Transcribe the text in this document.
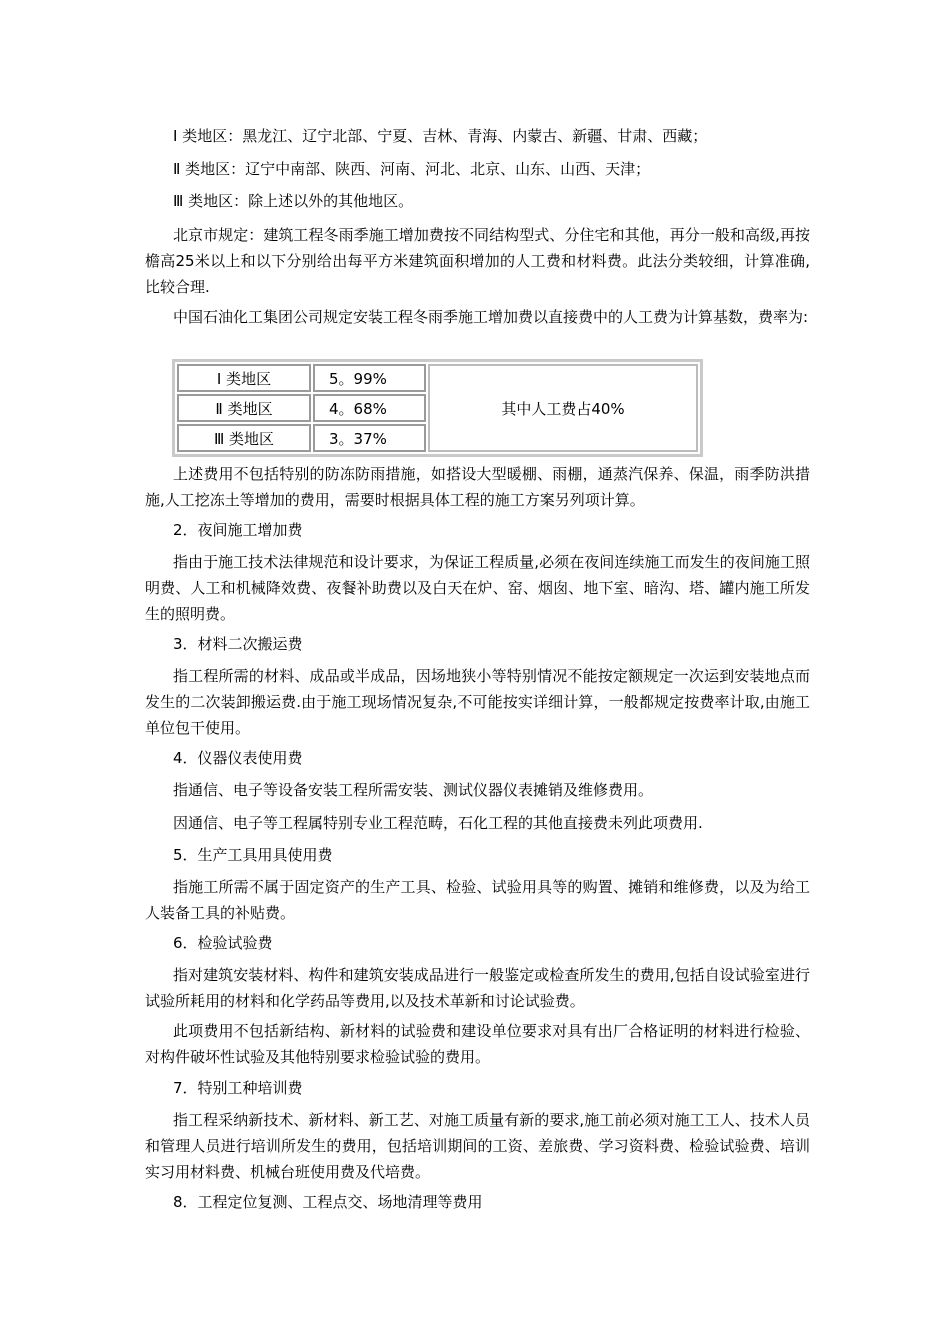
Ⅰ 类地区：黑龙江、辽宁北部、宁夏、吉林、青海、内蒙古、新疆、甘肃、西藏；

Ⅱ 类地区：辽宁中南部、陕西、河南、河北、北京、山东、山西、天津；

Ⅲ 类地区：除上述以外的其他地区。

北京市规定：建筑工程冬雨季施工增加费按不同结构型式、分住宅和其他，再分一般和高级,再按檐高25米以上和以下分别给出每平方米建筑面积增加的人工费和材料费。此法分类较细，计算准确,比较合理.

中国石油化工集团公司规定安装工程冬雨季施工增加费以直接费中的人工费为计算基数，费率为:

Ⅰ 类地区	5。99%	其中人工费占40%
Ⅱ 类地区	4。68%	
Ⅲ 类地区	3。37%	

上述费用不包括特别的防冻防雨措施，如搭设大型暖棚、雨棚，通蒸汽保养、保温，雨季防洪措施,人工挖冻土等增加的费用，需要时根据具体工程的施工方案另列项计算。

2．夜间施工增加费

指由于施工技术法律规范和设计要求，为保证工程质量,必须在夜间连续施工而发生的夜间施工照明费、人工和机械降效费、夜餐补助费以及白天在炉、窑、烟囱、地下室、暗沟、塔、罐内施工所发生的照明费。

3．材料二次搬运费

指工程所需的材料、成品或半成品，因场地狭小等特别情况不能按定额规定一次运到安装地点而发生的二次装卸搬运费.由于施工现场情况复杂,不可能按实详细计算，一般都规定按费率计取,由施工单位包干使用。

4．仪器仪表使用费

指通信、电子等设备安装工程所需安装、测试仪器仪表摊销及维修费用。

因通信、电子等工程属特别专业工程范畴，石化工程的其他直接费未列此项费用.

5．生产工具用具使用费

指施工所需不属于固定资产的生产工具、检验、试验用具等的购置、摊销和维修费，以及为给工人装备工具的补贴费。

6．检验试验费

指对建筑安装材料、构件和建筑安装成品进行一般鉴定或检查所发生的费用,包括自设试验室进行试验所耗用的材料和化学药品等费用,以及技术革新和讨论试验费。

此项费用不包括新结构、新材料的试验费和建设单位要求对具有出厂合格证明的材料进行检验、对构件破坏性试验及其他特别要求检验试验的费用。

7．特别工种培训费

指工程采纳新技术、新材料、新工艺、对施工质量有新的要求,施工前必须对施工工人、技术人员和管理人员进行培训所发生的费用，包括培训期间的工资、差旅费、学习资料费、检验试验费、培训实习用材料费、机械台班使用费及代培费。

8．工程定位复测、工程点交、场地清理等费用
